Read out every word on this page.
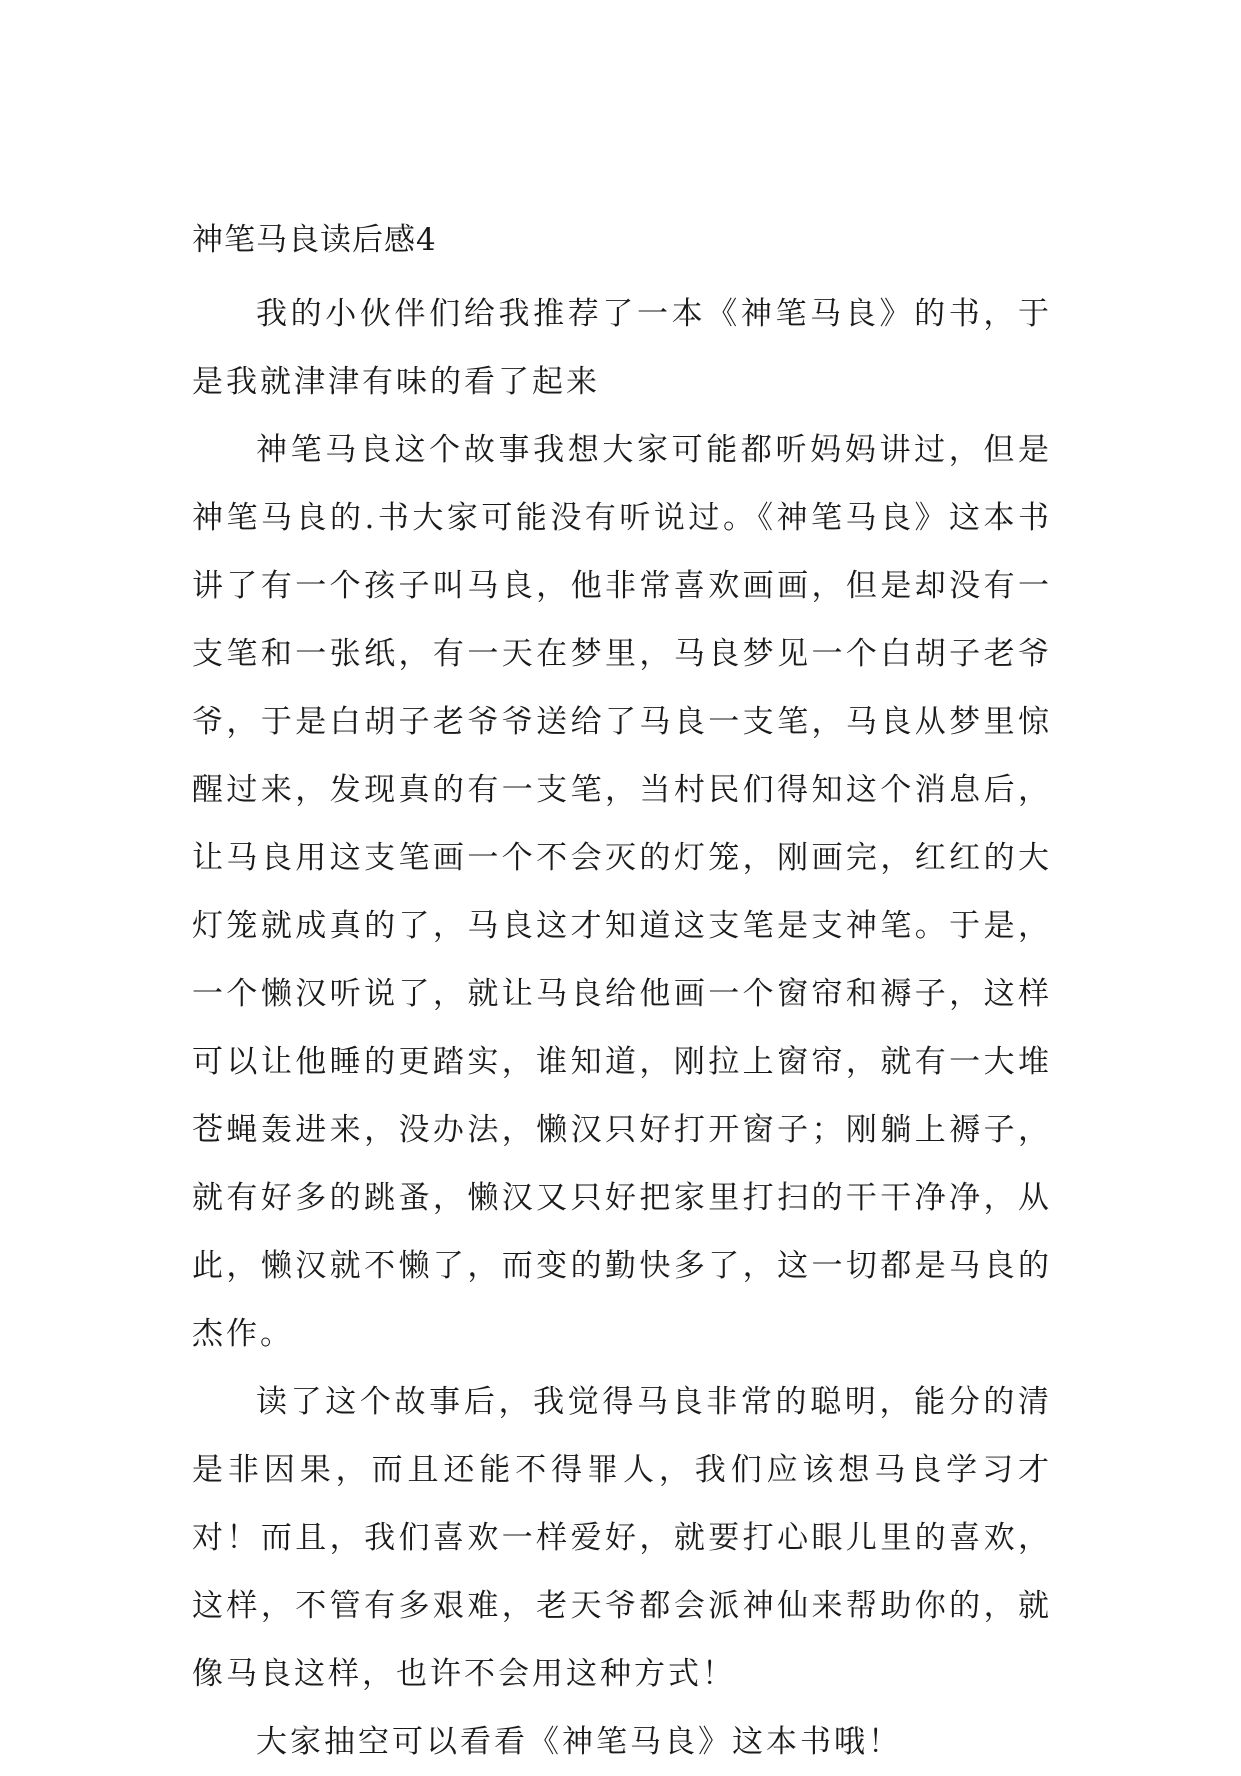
神笔马良读后感4

我的小伙伴们给我推荐了一本《神笔马良》的书，于是我就津津有味的看了起来

神笔马良这个故事我想大家可能都听妈妈讲过，但是神笔马良的.书大家可能没有听说过。《神笔马良》这本书讲了有一个孩子叫马良，他非常喜欢画画，但是却没有一支笔和一张纸，有一天在梦里，马良梦见一个白胡子老爷爷，于是白胡子老爷爷送给了马良一支笔，马良从梦里惊醒过来，发现真的有一支笔，当村民们得知这个消息后，让马良用这支笔画一个不会灭的灯笼，刚画完，红红的大灯笼就成真的了，马良这才知道这支笔是支神笔。于是，一个懒汉听说了，就让马良给他画一个窗帘和褥子，这样可以让他睡的更踏实，谁知道，刚拉上窗帘，就有一大堆苍蝇轰进来，没办法，懒汉只好打开窗子；刚躺上褥子，就有好多的跳蚤，懒汉又只好把家里打扫的干干净净，从此，懒汉就不懒了，而变的勤快多了，这一切都是马良的杰作。

读了这个故事后，我觉得马良非常的聪明，能分的清是非因果，而且还能不得罪人，我们应该想马良学习才对！而且，我们喜欢一样爱好，就要打心眼儿里的喜欢，这样，不管有多艰难，老天爷都会派神仙来帮助你的，就像马良这样，也许不会用这种方式！

大家抽空可以看看《神笔马良》这本书哦！
